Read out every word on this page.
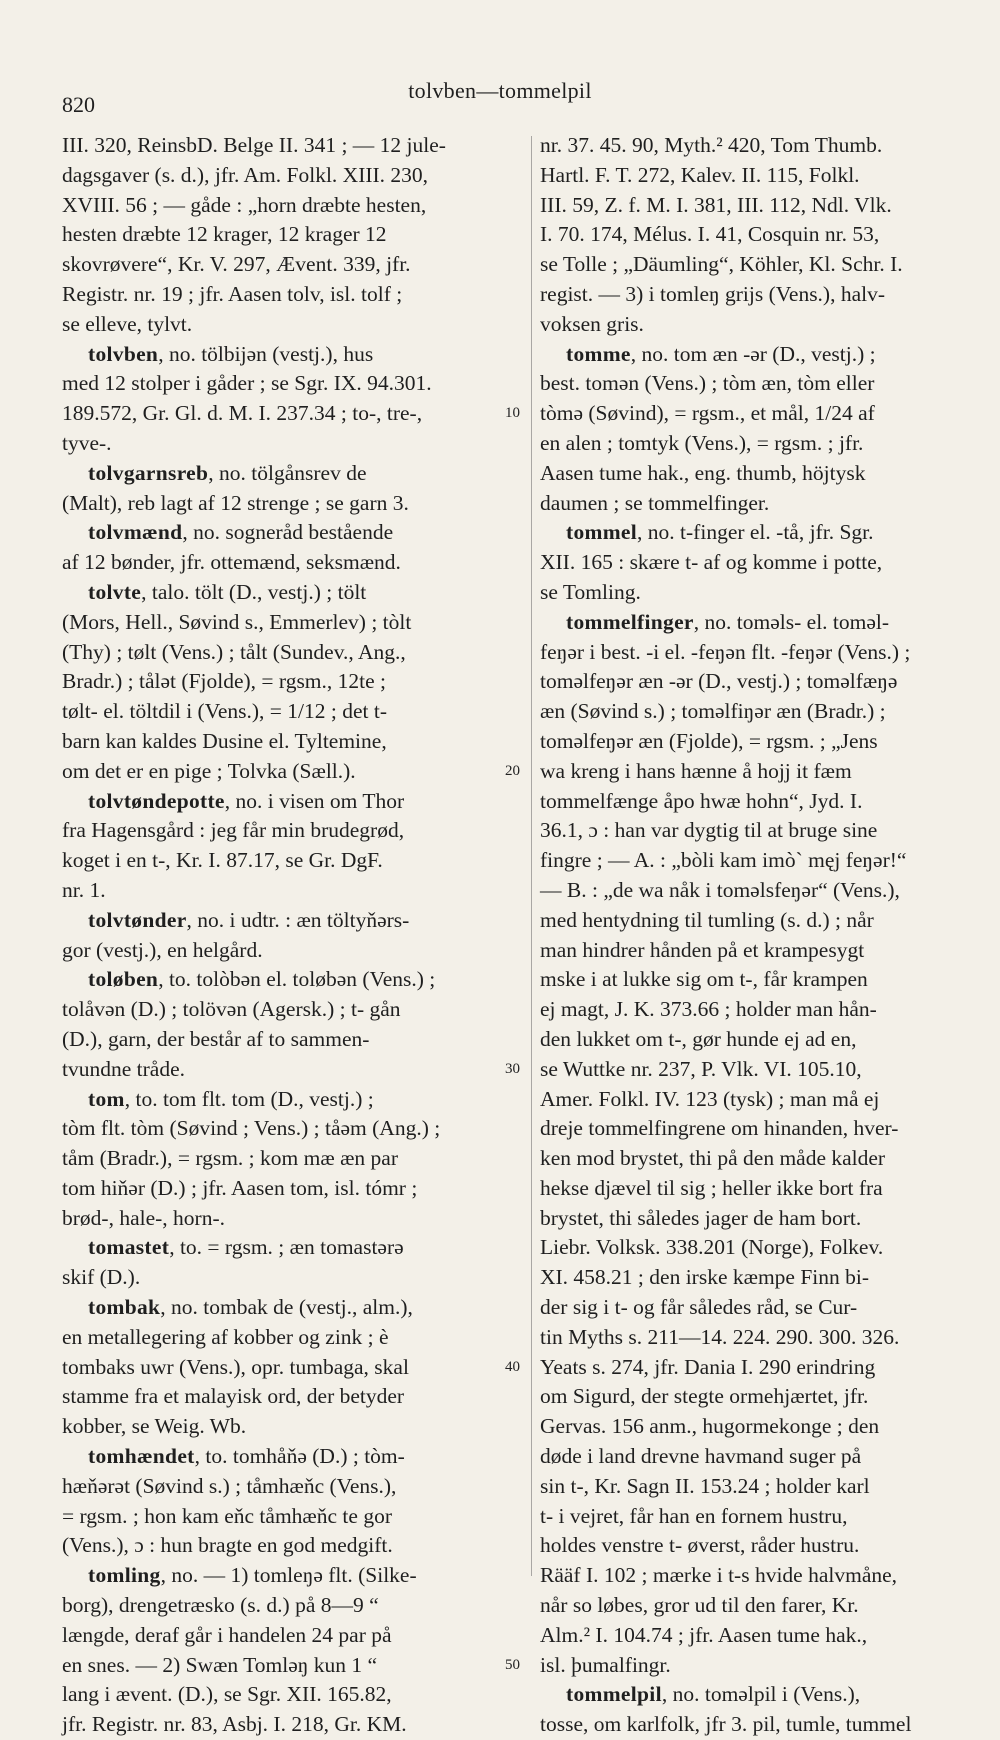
820
tolvben—tommelpil
III. 320, ReinsbD. Belge II. 341 ; — 12 jule-
dagsgaver (s. d.), jfr. Am. Folkl. XIII. 230,
XVIII. 56 ; — gåde : „horn dræbte hesten,
hesten dræbte 12 krager, 12 krager 12
skovrøvere“, Kr. V. 297, Ævent. 339, jfr.
Registr. nr. 19 ; jfr. Aasen tolv, isl. tolf ;
se elleve, tylvt.
tolvben, no. tölbijən (vestj.), hus
med 12 stolper i gåder ; se Sgr. IX. 94.301.
189.572, Gr. Gl. d. M. I. 237.34 ; to-, tre-,
tyve-.
tolvgarnsreb, no. tölgånsrev de
(Malt), reb lagt af 12 strenge ; se garn 3.
tolvmænd, no. sogneråd bestående
af 12 bønder, jfr. ottemænd, seksmænd.
tolvte, talo. tölt (D., vestj.) ; tölt
(Mors, Hell., Søvind s., Emmerlev) ; tòlt
(Thy) ; tølt (Vens.) ; tålt (Sundev., Ang.,
Bradr.) ; tålət (Fjolde), = rgsm., 12te ;
tølt- el. töltdil i (Vens.), = 1/12 ; det t-
barn kan kaldes Dusine el. Tyltemine,
om det er en pige ; Tolvka (Sæll.).
tolvtøndepotte, no. i visen om Thor
fra Hagensgård : jeg får min brudegrød,
koget i en t-, Kr. I. 87.17, se Gr. DgF.
nr. 1.
tolvtønder, no. i udtr. : æn töltyňərs-
gor (vestj.), en helgård.
toløben, to. tolòbən el. toløbən (Vens.) ;
tolåvən (D.) ; tolövən (Agersk.) ; t- gån
(D.), garn, der består af to sammen-
tvundne tråde.
tom, to. tom flt. tom (D., vestj.) ;
tòm flt. tòm (Søvind ; Vens.) ; tåəm (Ang.) ;
tåm (Bradr.), = rgsm. ; kom mæ æn par
tom hiňər (D.) ; jfr. Aasen tom, isl. tómr ;
brød-, hale-, horn-.
tomastet, to. = rgsm. ; æn tomastərə
skif (D.).
tombak, no. tombak de (vestj., alm.),
en metallegering af kobber og zink ; è
tombaks uwr (Vens.), opr. tumbaga, skal
stamme fra et malayisk ord, der betyder
kobber, se Weig. Wb.
tomhændet, to. tomhåňə (D.) ; tòm-
hæňərət (Søvind s.) ; tåmhæňc (Vens.),
= rgsm. ; hon kam eňc tåmhæňc te gor
(Vens.), ɔ : hun bragte en god medgift.
tomling, no. — 1) tomleŋə flt. (Silke-
borg), drengetræsko (s. d.) på 8—9 “
længde, deraf går i handelen 24 par på
en snes. — 2) Swæn Tomləŋ kun 1 “
lang i ævent. (D.), se Sgr. XII. 165.82,
jfr. Registr. nr. 83, Asbj. I. 218, Gr. KM.
nr. 37. 45. 90, Myth.² 420, Tom Thumb.
Hartl. F. T. 272, Kalev. II. 115, Folkl.
III. 59, Z. f. M. I. 381, III. 112, Ndl. Vlk.
I. 70. 174, Mélus. I. 41, Cosquin nr. 53,
se Tolle ; „Däumling“, Köhler, Kl. Schr. I.
regist. — 3) i tomleŋ grijs (Vens.), halv-
voksen gris.
tomme, no. tom æn -ər (D., vestj.) ;
best. tomən (Vens.) ; tòm æn, tòm eller
tòmə (Søvind), = rgsm., et mål, 1/24 af
en alen ; tomtyk (Vens.), = rgsm. ; jfr.
Aasen tume hak., eng. thumb, höjtysk
daumen ; se tommelfinger.
tommel, no. t-finger el. -tå, jfr. Sgr.
XII. 165 : skære t- af og komme i potte,
se Tomling.
tommelfinger, no. toməls- el. toməl-
feŋər i best. -i el. -feŋən flt. -feŋər (Vens.) ;
toməlfeŋər æn -ər (D., vestj.) ; toməlfæŋə
æn (Søvind s.) ; toməlfiŋər æn (Bradr.) ;
toməlfeŋər æn (Fjolde), = rgsm. ; „Jens
wa kreng i hans hænne å hojj it fæm
tommelfænge åpo hwæ hohn“, Jyd. I.
36.1, ɔ : han var dygtig til at bruge sine
fingre ; — A. : „bòli kam imò` męj feŋər!“
— B. : „de wa nåk i toməlsfeŋər“ (Vens.),
med hentydning til tumling (s. d.) ; når
man hindrer hånden på et krampesygt
mske i at lukke sig om t-, får krampen
ej magt, J. K. 373.66 ; holder man hån-
den lukket om t-, gør hunde ej ad en,
se Wuttke nr. 237, P. Vlk. VI. 105.10,
Amer. Folkl. IV. 123 (tysk) ; man må ej
dreje tommelfingrene om hinanden, hver-
ken mod brystet, thi på den måde kalder
hekse djævel til sig ; heller ikke bort fra
brystet, thi således jager de ham bort.
Liebr. Volksk. 338.201 (Norge), Folkev.
XI. 458.21 ; den irske kæmpe Finn bi-
der sig i t- og får således råd, se Cur-
tin Myths s. 211—14. 224. 290. 300. 326.
Yeats s. 274, jfr. Dania I. 290 erindring
om Sigurd, der stegte ormehjærtet, jfr.
Gervas. 156 anm., hugormekonge ; den
døde i land drevne havmand suger på
sin t-, Kr. Sagn II. 153.24 ; holder karl
t- i vejret, får han en fornem hustru,
holdes venstre t- øverst, råder hustru.
Rääf I. 102 ; mærke i t-s hvide halvmåne,
når so løbes, gror ud til den farer, Kr.
Alm.² I. 104.74 ; jfr. Aasen tume hak.,
isl. þumalfingr.
tommelpil, no. toməlpil i (Vens.),
tosse, om karlfolk, jfr 3. pil, tumle, tummel
10
20
30
40
50
